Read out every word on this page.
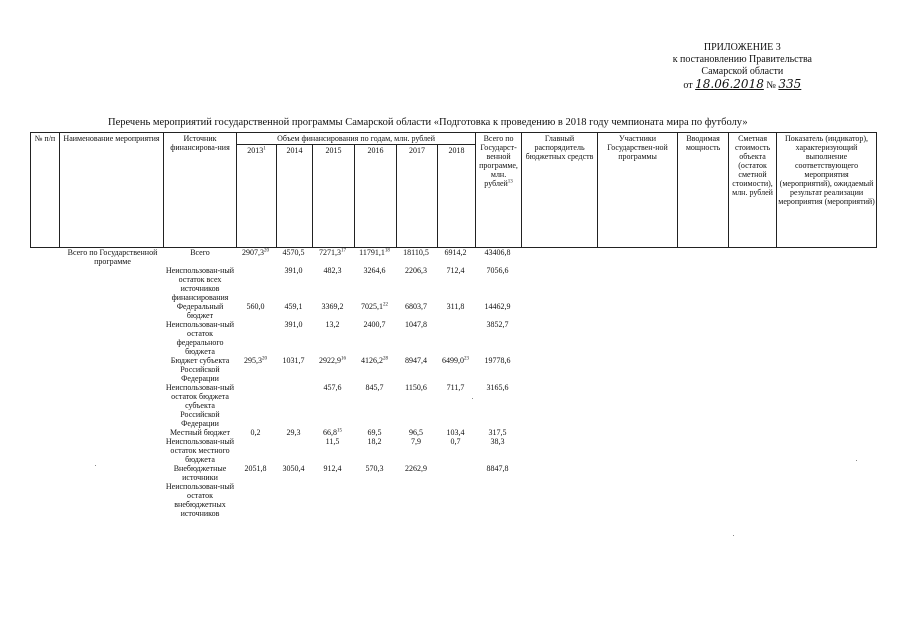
ПРИЛОЖЕНИЕ 3
к постановлению Правительства
Самарской области
от 18.06.2018 № 335
Перечень мероприятий государственной программы Самарской области «Подготовка к проведению в 2018 году чемпионата мира по футболу»
№ п/п	Наименование мероприятия	Источник финансирова-ния	Объем финансирования по годам, млн. рублей						Всего по Государст-венной программе, млн. рублей$^{13}$	Главный распорядитель бюджетных средств	Участники Государствен-ной программы	Вводимая мощность	Сметная стоимость объекта (остаток сметной стоимости), млн. рублей	Показатель (индикатор), характеризующий выполнение соответствующего мероприятия (мероприятий), ожидаемый результат реализации мероприятия (мероприятий)
			2013$^1$	2014	2015	2016	2017	2018						
	Всего по Государственной программе	Всего	2907,3$^{20}$	4570,5	7271,3$^{17}$	11791,1$^{18}$	18110,5	6914,2	43406,8					
		Неиспользован-ный остаток всех источников финансирования		391,0	482,3	3264,6	2206,3	712,4	7056,6					
		Федеральный бюджет	560,0	459,1	3369,2	7025,1$^{22}$	6803,7	311,8	14462,9					
		Неиспользован-ный остаток федерального бюджета		391,0	13,2	2400,7	1047,8		3852,7					
		Бюджет субъекта Российской Федерации	295,3$^{20}$	1031,7	2922,9$^{16}$	4126,2$^{28}$	8947,4	6499,0$^{23}$	19778,6					
		Неиспользован-ный остаток бюджета субъекта Российской Федерации			457,6	845,7	1150,6	711,7	3165,6					
		Местный бюджет	0,2	29,3	66,8$^{15}$	69,5	96,5	103,4	317,5					
		Неиспользован-ный остаток местного бюджета			11,5	18,2	7,9	0,7	38,3					
		Внебюджетные источники	2051,8	3050,4	912,4	570,3	2262,9		8847,8					
		Неиспользован-ный остаток внебюджетных источников												
